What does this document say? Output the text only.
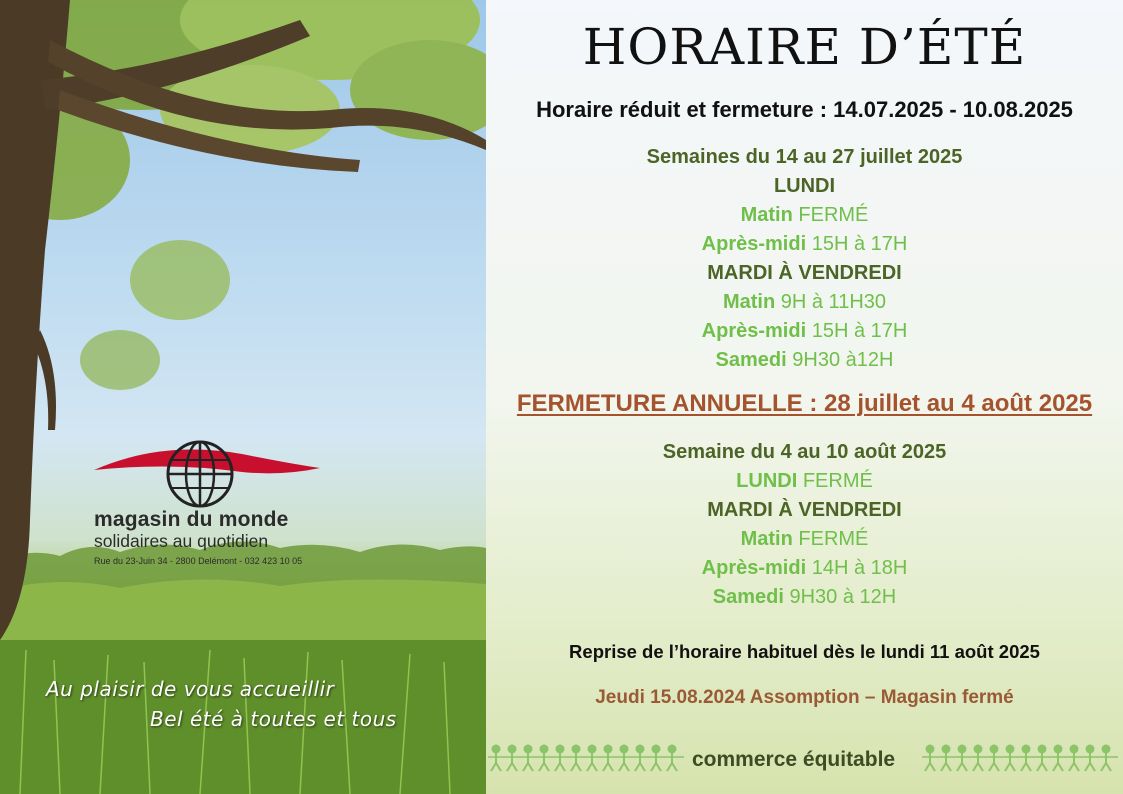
magasin du monde
solidaires au quotidien
Rue du 23-Juin 34 - 2800 Delémont - 032 423 10 05
Au plaisir de vous accueillir
Bel été à toutes et tous
HORAIRE D’ÉTÉ
Horaire réduit et fermeture : 14.07.2025 - 10.08.2025
Semaines du 14 au 27 juillet 2025
LUNDI
Matin FERMÉ
Après-midi 15H à 17H
MARDI À VENDREDI
Matin 9H à 11H30
Après-midi 15H à 17H
Samedi 9H30 à12H
FERMETURE ANNUELLE : 28 juillet au 4 août 2025
Semaine du 4 au 10 août 2025
LUNDI FERMÉ
MARDI À VENDREDI
Matin FERMÉ
Après-midi 14H à 18H
Samedi 9H30 à 12H
Reprise de l’horaire habituel dès le lundi 11 août 2025
Jeudi 15.08.2024 Assomption – Magasin fermé
commerce équitable
